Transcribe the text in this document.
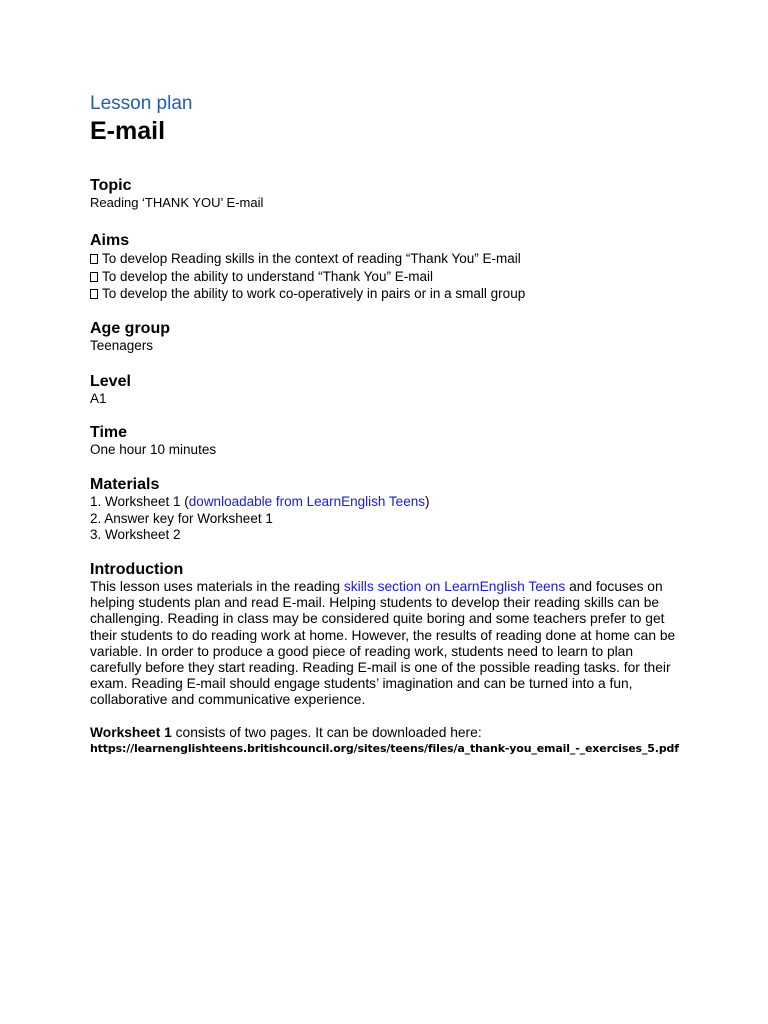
Lesson plan

E-mail

Topic

Reading ‘THANK YOU’ E-mail

Aims

To develop Reading skills in the context of reading “Thank You” E-mail

To develop the ability to understand “Thank You” E-mail

To develop the ability to work co-operatively in pairs or in a small group

Age group

Teenagers

Level

A1

Time

One hour 10 minutes

Materials

1. Worksheet 1 (downloadable from LearnEnglish Teens)

2. Answer key for Worksheet 1

3. Worksheet 2

Introduction

This lesson uses materials in the reading skills section on LearnEnglish Teens and focuses on helping students plan and read E-mail. Helping students to develop their reading skills can be challenging. Reading in class may be considered quite boring and some teachers prefer to get their students to do reading work at home. However, the results of reading done at home can be variable. In order to produce a good piece of reading work, students need to learn to plan carefully before they start reading. Reading E-mail is one of the possible reading tasks. for their exam. Reading E-mail should engage students’ imagination and can be turned into a fun, collaborative and communicative experience.

Worksheet 1 consists of two pages. It can be downloaded here:

https://learnenglishteens.britishcouncil.org/sites/teens/files/a_thank-you_email_-_exercises_5.pdf
